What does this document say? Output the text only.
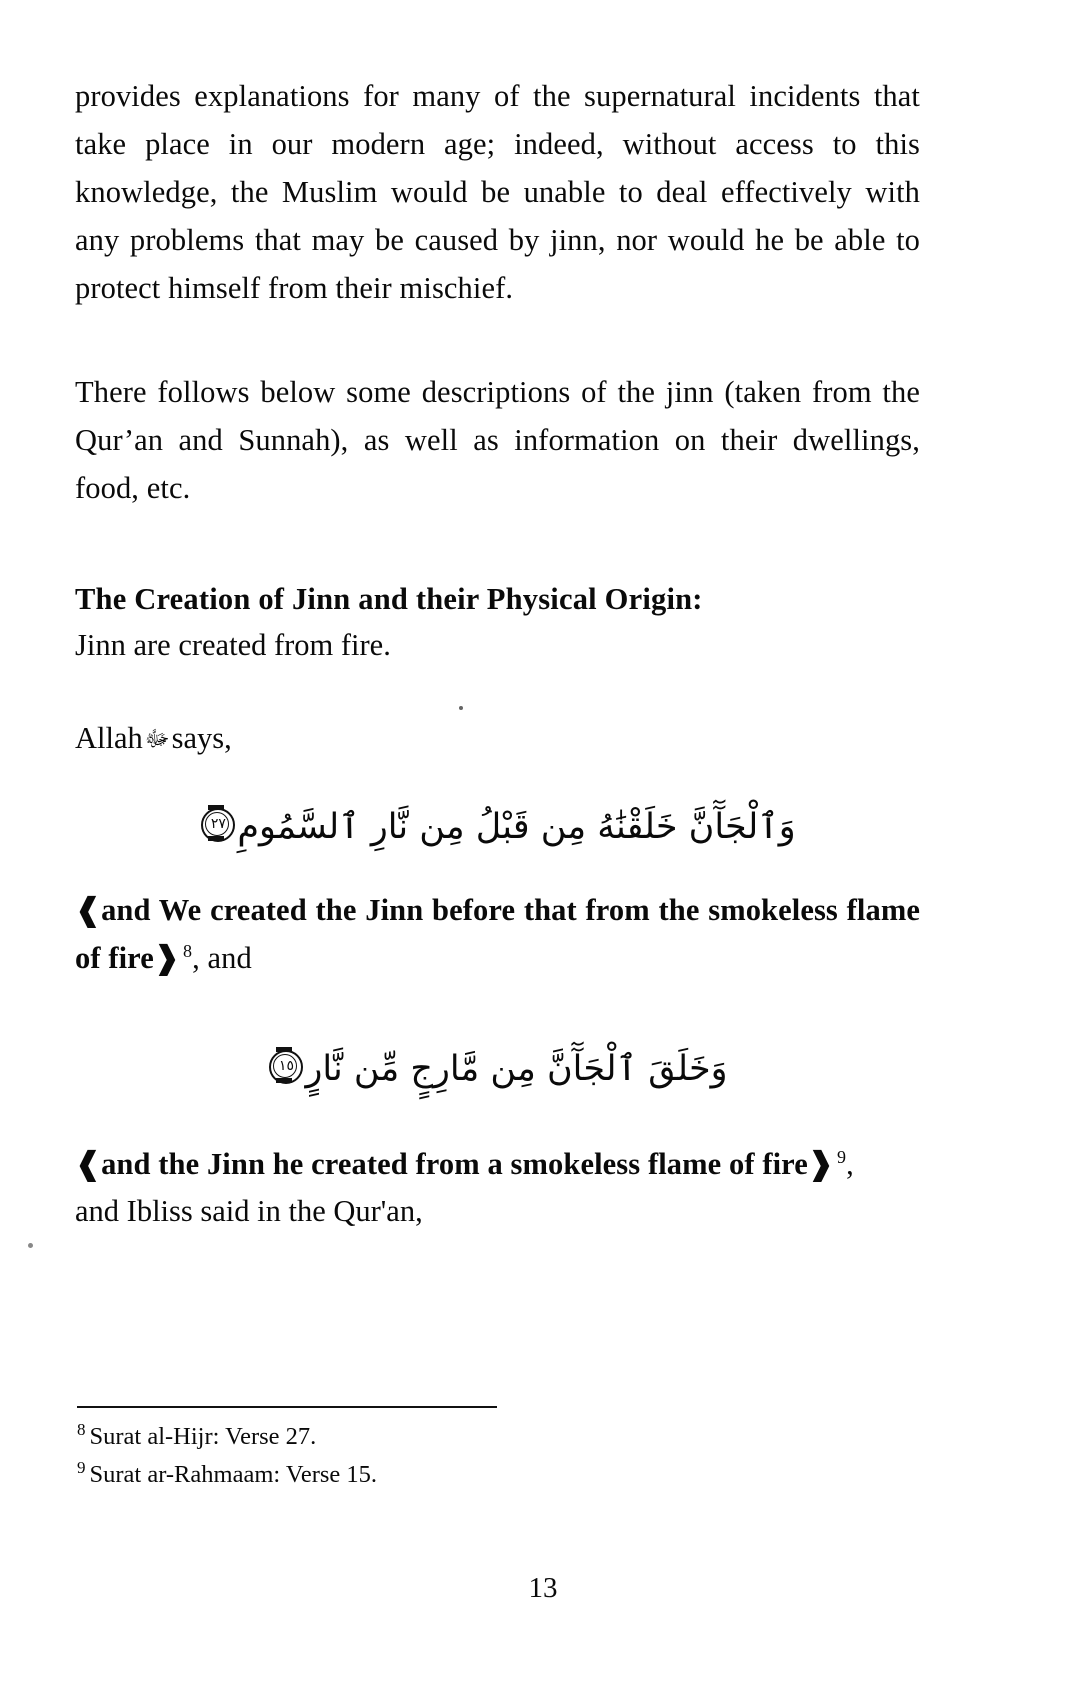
provides explanations for many of the supernatural incidents that take place in our modern age; indeed, without access to this knowledge, the Muslim would be unable to deal effectively with any problems that may be caused by jinn, nor would he be able to protect himself from their mischief.

There follows below some descriptions of the jinn (taken from the Qur’an and Sunnah), as well as information on their dwellings, food, etc.

The Creation of Jinn and their Physical Origin:

Jinn are created from fire.

Allahﷻsays,

وَٱلْجَآٓنَّ خَلَقْنَٰهُ مِن قَبْلُ مِن نَّارِ ٱلسَّمُومِ
٢٧

❰and We created the Jinn before that from the smokeless flame of fire❱ $^8$, and

وَخَلَقَ ٱلْجَآٓنَّ مِن مَّارِجٍ مِّن نَّارٍ
١٥

❰and the Jinn he created from a smokeless flame of fire❱ $^9$,

and Ibliss said in the Qur'an,

$^8$ Surat al-Hijr: Verse 27.

$^9$ Surat ar-Rahmaam: Verse 15.

13
